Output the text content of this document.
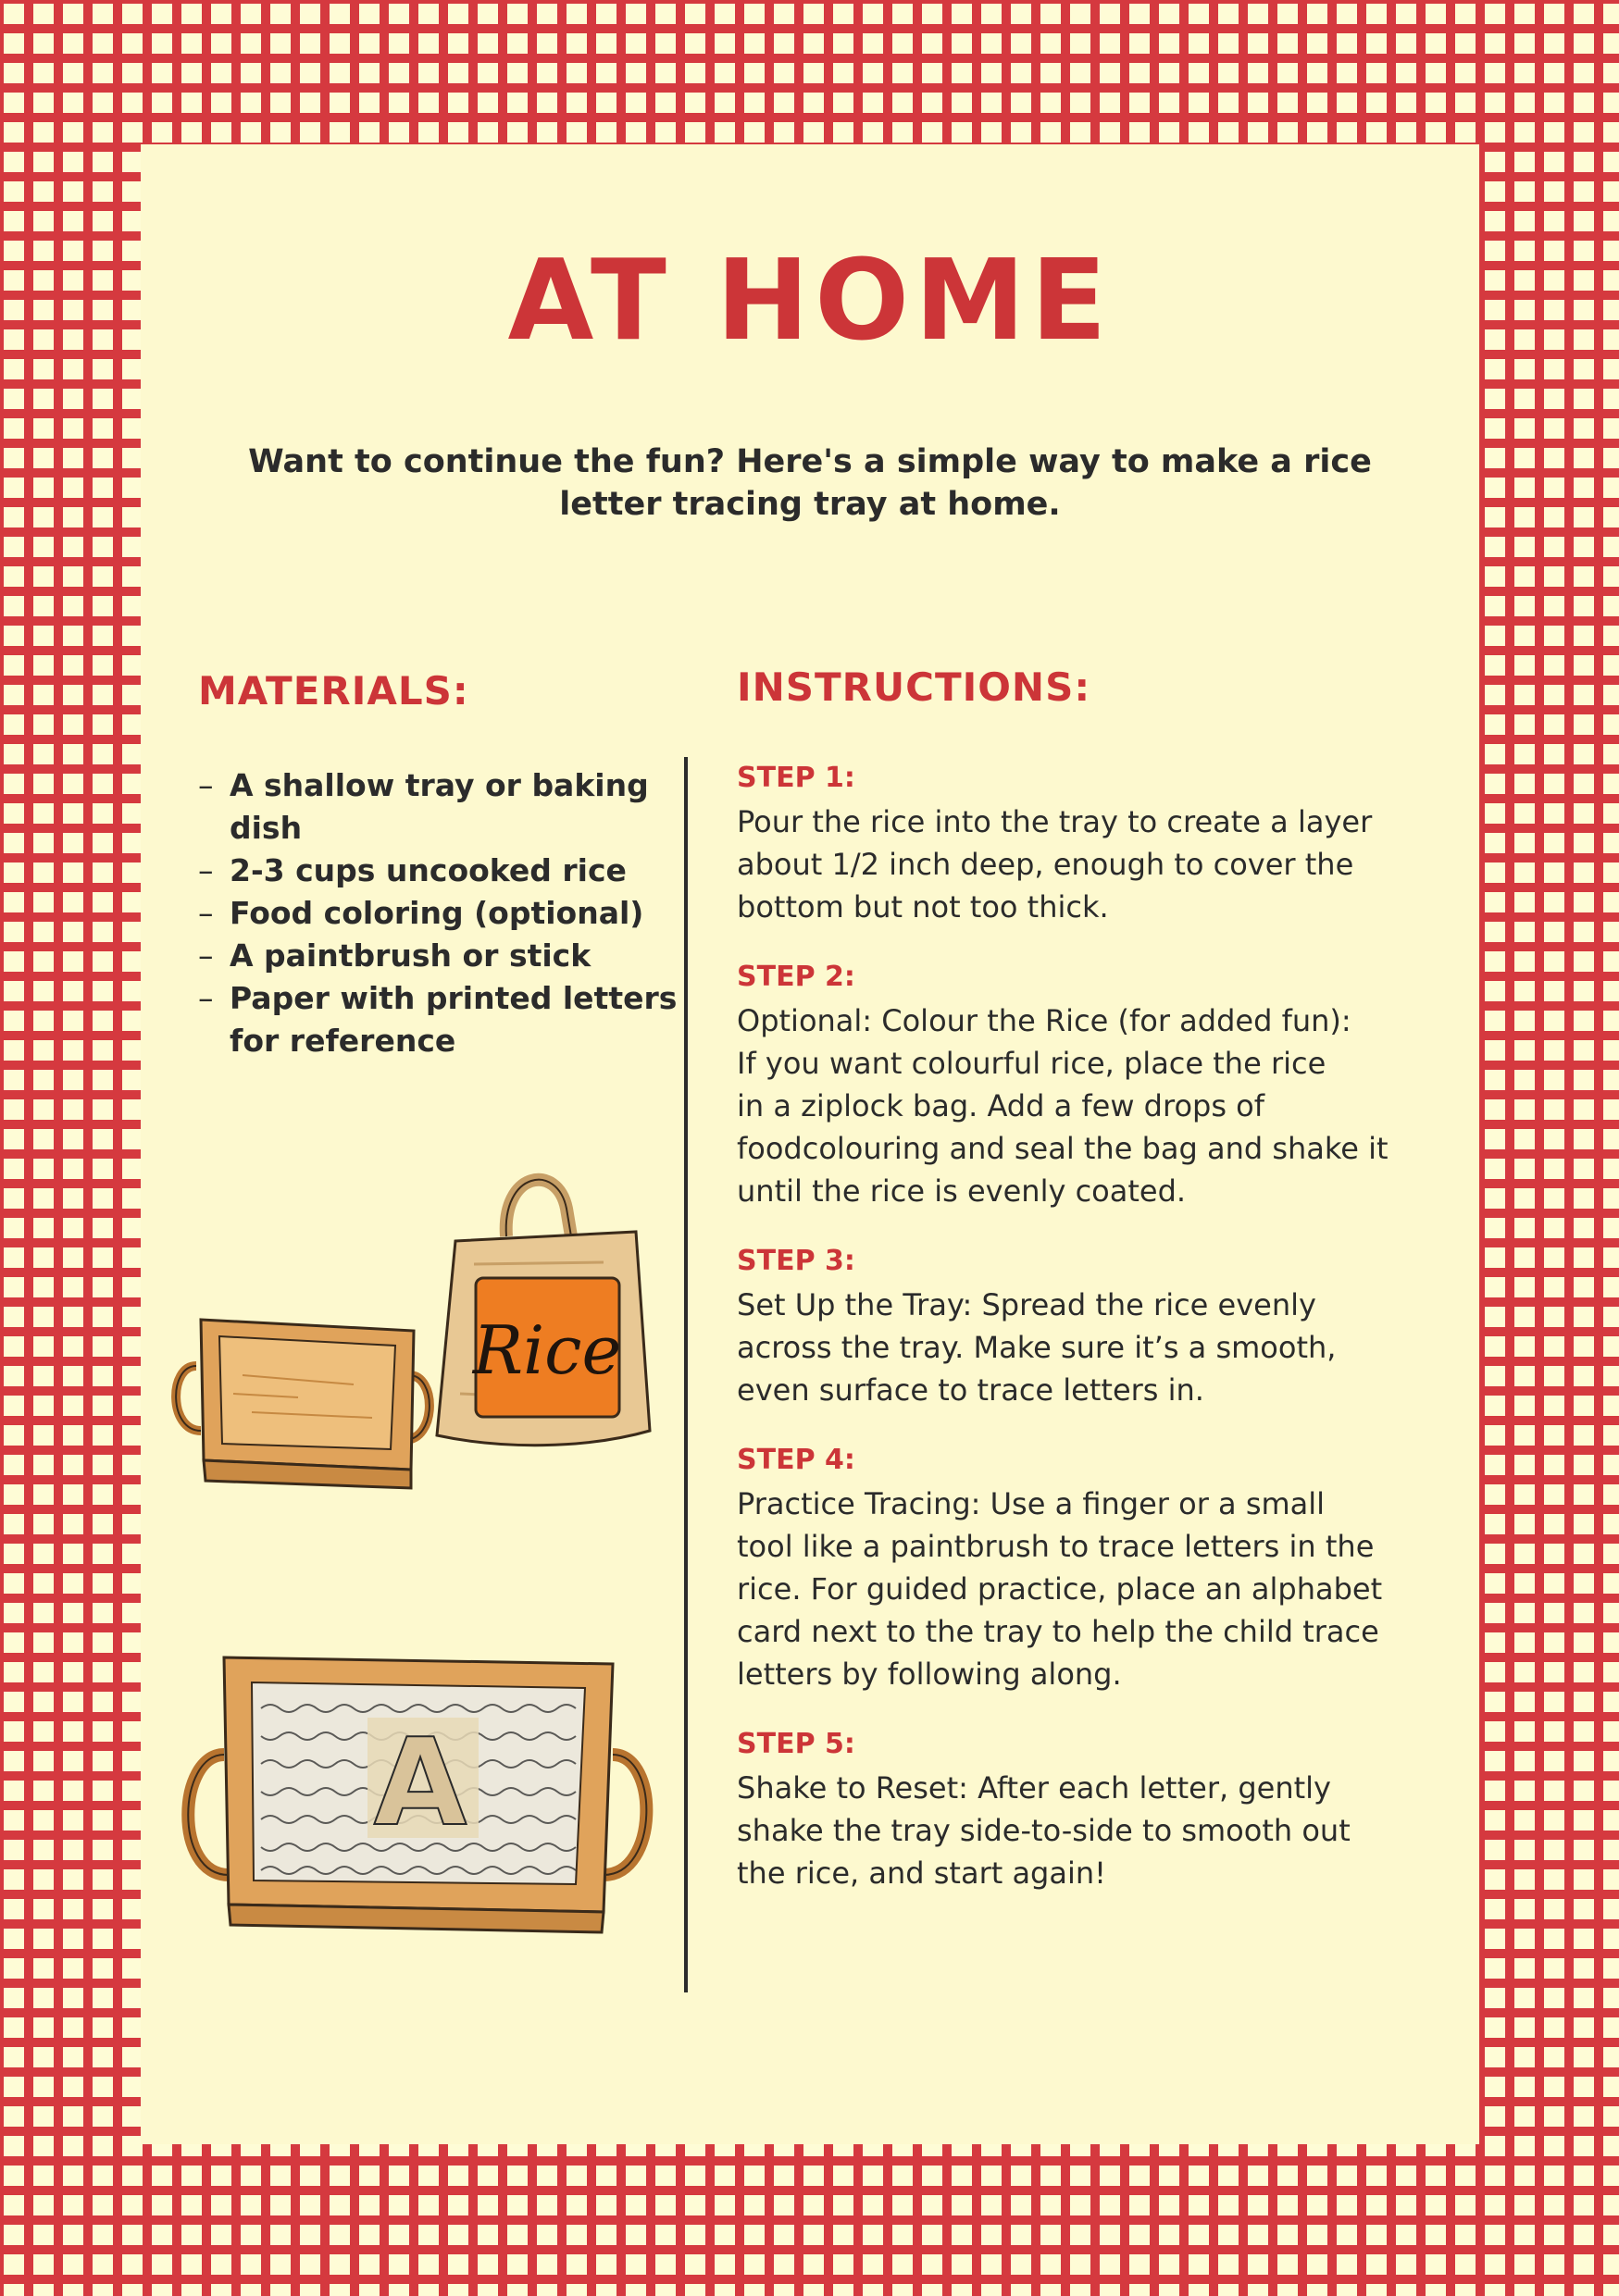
AT HOME

Want to continue the fun? Here's a simple way to make a rice letter tracing tray at home.

MATERIALS:
– A shallow tray or baking dish
– 2-3 cups uncooked rice
– Food coloring (optional)
– A paintbrush or stick
– Paper with printed letters for reference
Rice
A
INSTRUCTIONS:
STEP 1:
Pour the rice into the tray to create a layer
about 1/2 inch deep, enough to cover the
bottom but not too thick.
STEP 2:
Optional: Colour the Rice (for added fun):
If you want colourful rice, place the rice
in a ziplock bag. Add a few drops of
foodcolouring and seal the bag and shake it
until the rice is evenly coated.
STEP 3:
Set Up the Tray: Spread the rice evenly
across the tray. Make sure it’s a smooth,
even surface to trace letters in.
STEP 4:
Practice Tracing: Use a finger or a small
tool like a paintbrush to trace letters in the
rice. For guided practice, place an alphabet
card next to the tray to help the child trace
letters by following along.
STEP 5:
Shake to Reset: After each letter, gently
shake the tray side-to-side to smooth out
the rice, and start again!
